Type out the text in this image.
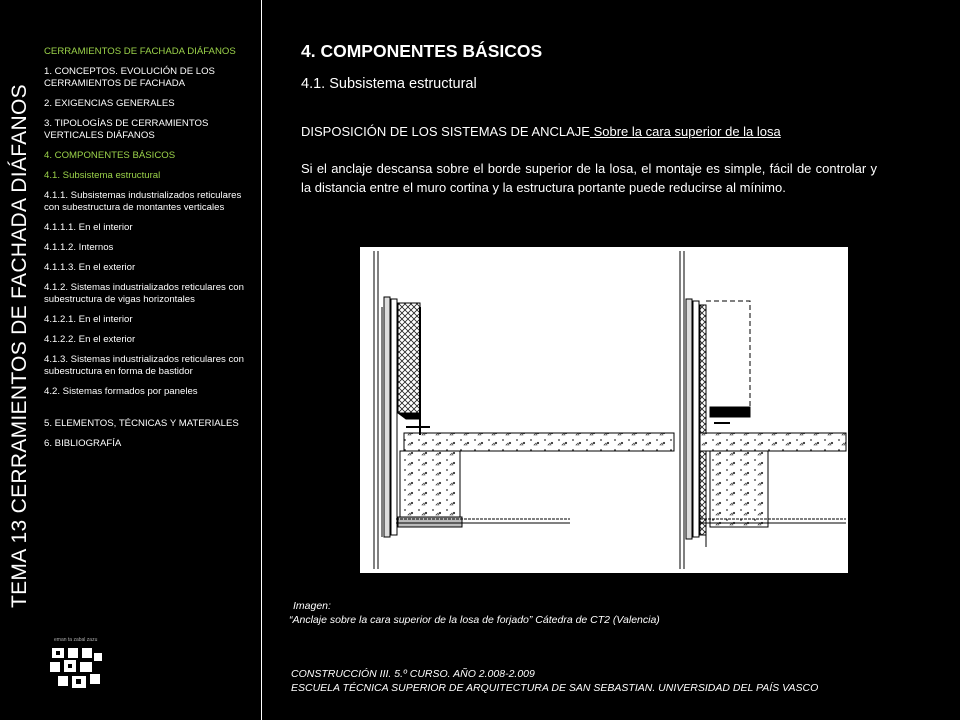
TEMA 13 CERRAMIENTOS DE FACHADA DIÁFANOS
CERRAMIENTOS DE FACHADA DIÁFANOS
1. CONCEPTOS. EVOLUCIÓN DE LOS CERRAMIENTOS DE FACHADA
2. EXIGENCIAS GENERALES
3. TIPOLOGÍAS DE CERRAMIENTOS VERTICALES DIÁFANOS
4. COMPONENTES BÁSICOS
4.1. Subsistema estructural
4.1.1. Subsistemas industrializados reticulares con subestructura de montantes verticales
4.1.1.1. En el interior
4.1.1.2. Internos
4.1.1.3. En el exterior
4.1.2. Sistemas industrializados reticulares con subestructura de vigas horizontales
4.1.2.1. En el interior
4.1.2.2. En el exterior
4.1.3. Sistemas industrializados reticulares con subestructura en forma de bastidor
4.2. Sistemas formados por paneles
5. ELEMENTOS, TÉCNICAS Y MATERIALES
6. BIBLIOGRAFÍA
eman ta zabal zazu
4. COMPONENTES BÁSICOS
4.1. Subsistema estructural
DISPOSICIÓN DE LOS SISTEMAS DE ANCLAJE Sobre la cara superior de la losa
Si el anclaje descansa sobre el borde superior de la losa, el montaje es simple, fácil de controlar y la distancia entre el muro cortina y la estructura portante puede reducirse al mínimo.
Imagen:
“Anclaje sobre la cara superior de la losa de forjado” Cátedra de CT2 (Valencia)
CONSTRUCCIÓN III. 5.º CURSO. AÑO 2.008-2.009
ESCUELA TÉCNICA SUPERIOR DE ARQUITECTURA DE SAN SEBASTIAN. UNIVERSIDAD DEL PAÍS VASCO
